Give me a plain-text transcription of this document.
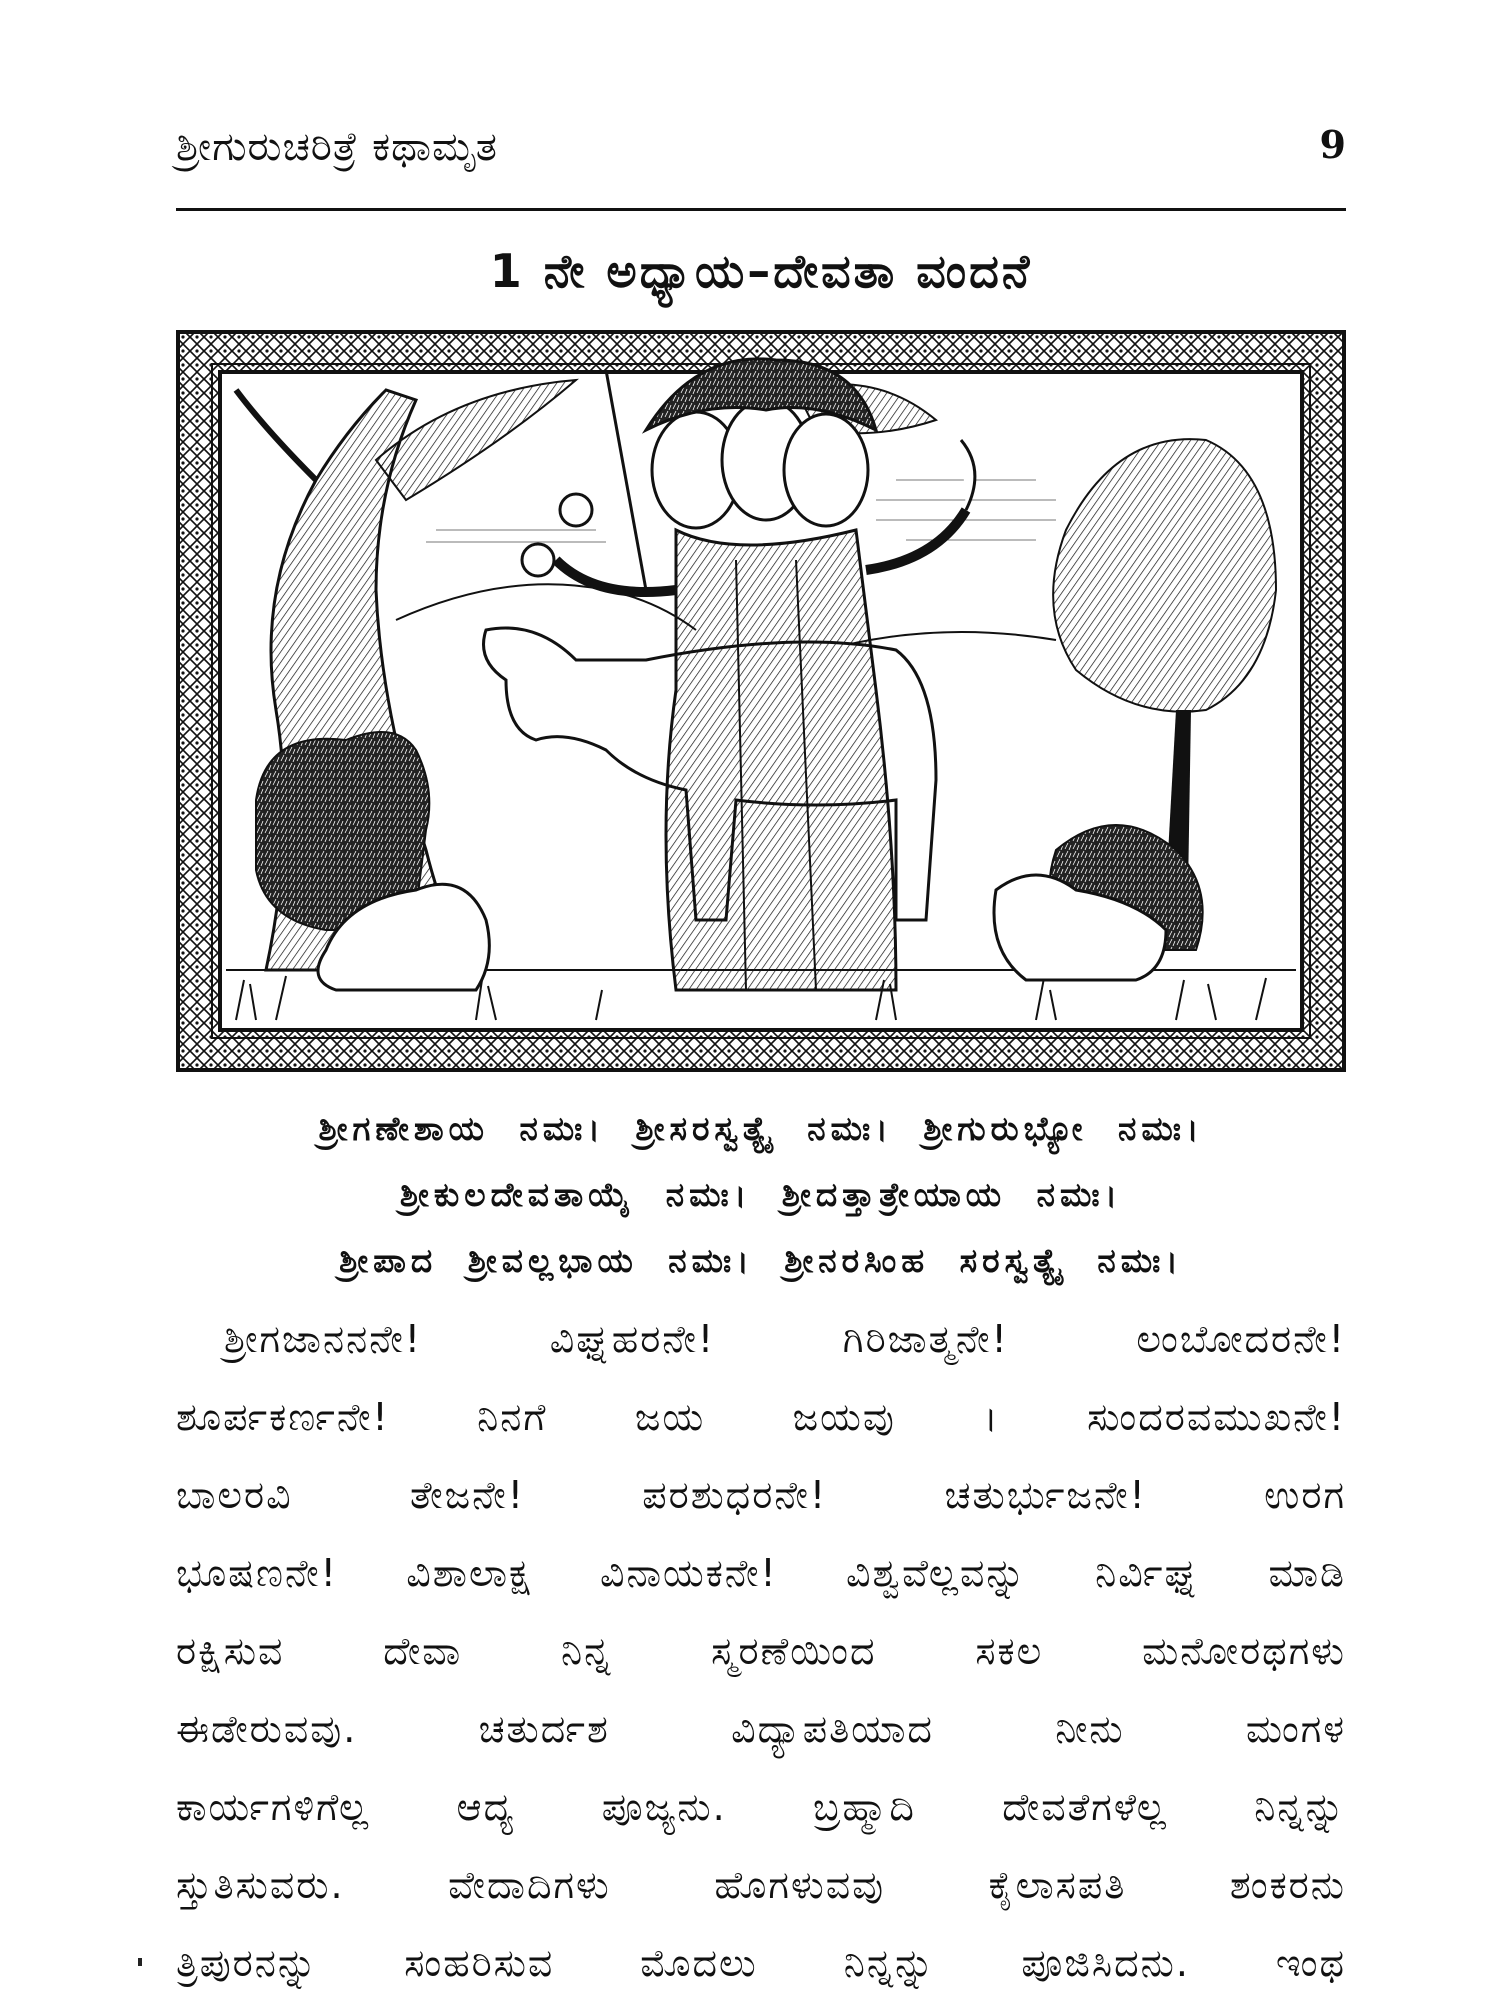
ಶ್ರೀಗುರುಚರಿತ್ರೆ ಕಥಾಮೃತ	9
1 ನೇ ಅಧ್ಯಾಯ–ದೇವತಾ ವಂದನೆ
ಶ್ರೀಗಣೇಶಾಯ ನಮಃ। ಶ್ರೀಸರಸ್ವತ್ಯೈ ನಮಃ। ಶ್ರೀಗುರುಭ್ಯೋ ನಮಃ।
ಶ್ರೀಕುಲದೇವತಾಯೈ ನಮಃ। ಶ್ರೀದತ್ತಾತ್ರೇಯಾಯ ನಮಃ।
ಶ್ರೀಪಾದ ಶ್ರೀವಲ್ಲಭಾಯ ನಮಃ। ಶ್ರೀನರಸಿಂಹ ಸರಸ್ವತ್ಯೈ ನಮಃ।
ಶ್ರೀಗಜಾನನನೇ! ವಿಘ್ನಹರನೇ! ಗಿರಿಜಾತ್ಮನೇ! ಲಂಬೋದರನೇ!
ಶೂರ್ಪಕರ್ಣನೇ! ನಿನಗೆ ಜಯ ಜಯವು । ಸುಂದರವಮುಖನೇ!
ಬಾಲರವಿ ತೇಜನೇ! ಪರಶುಧರನೇ! ಚತುರ್ಭುಜನೇ! ಉರಗ
ಭೂಷಣನೇ! ವಿಶಾಲಾಕ್ಷ ವಿನಾಯಕನೇ! ವಿಶ್ವವೆಲ್ಲವನ್ನು ನಿರ್ವಿಘ್ನ ಮಾಡಿ
ರಕ್ಷಿಸುವ ದೇವಾ ನಿನ್ನ ಸ್ಮರಣೆಯಿಂದ ಸಕಲ ಮನೋರಥಗಳು
ಈಡೇರುವವು. ಚತುರ್ದಶ ವಿದ್ಯಾಪತಿಯಾದ ನೀನು ಮಂಗಳ
ಕಾರ್ಯಗಳಿಗೆಲ್ಲ ಆದ್ಯ ಪೂಜ್ಯನು. ಬ್ರಹ್ಮಾದಿ ದೇವತೆಗಳೆಲ್ಲ ನಿನ್ನನ್ನು
ಸ್ತುತಿಸುವರು. ವೇದಾದಿಗಳು ಹೊಗಳುವವು ಕೈಲಾಸಪತಿ ಶಂಕರನು
ತ್ರಿಪುರನನ್ನು ಸಂಹರಿಸುವ ಮೊದಲು ನಿನ್ನನ್ನು ಪೂಜಿಸಿದನು. ಇಂಥ
